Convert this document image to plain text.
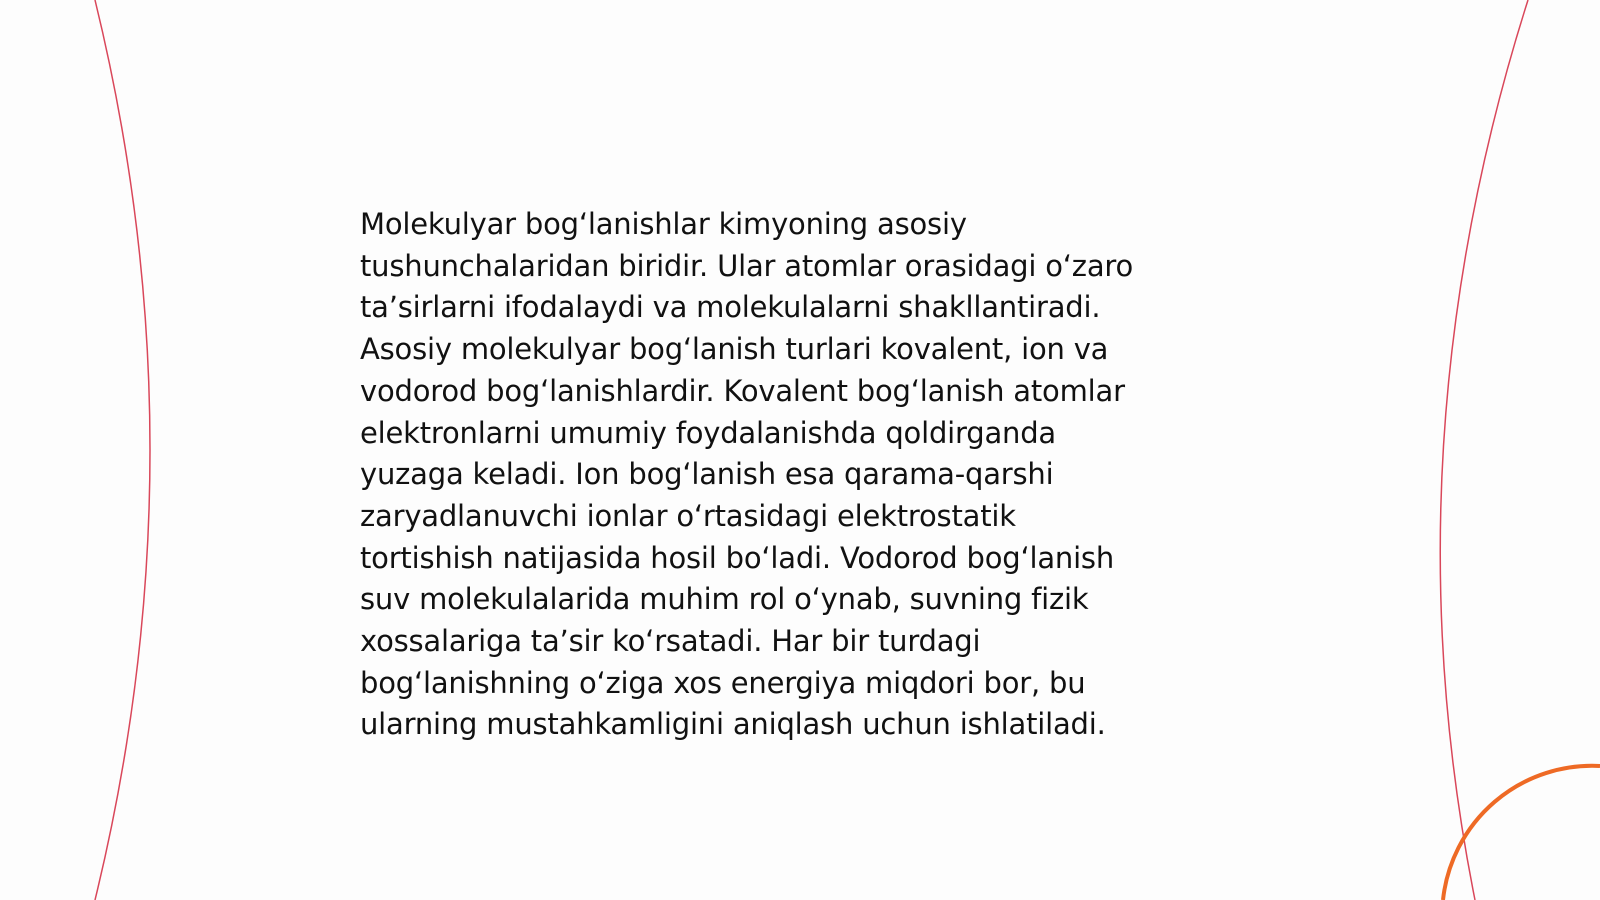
Molekulyar bog‘lanishlar kimyoning asosiy
tushunchalaridan biridir. Ular atomlar orasidagi o‘zaro
ta’sirlarni ifodalaydi va molekulalarni shakllantiradi.
Asosiy molekulyar bog‘lanish turlari kovalent, ion va
vodorod bog‘lanishlardir. Kovalent bog‘lanish atomlar
elektronlarni umumiy foydalanishda qoldirganda
yuzaga keladi. Ion bog‘lanish esa qarama-qarshi
zaryadlanuvchi ionlar o‘rtasidagi elektrostatik
tortishish natijasida hosil bo‘ladi. Vodorod bog‘lanish
suv molekulalarida muhim rol o‘ynab, suvning fizik
xossalariga ta’sir ko‘rsatadi. Har bir turdagi
bog‘lanishning o‘ziga xos energiya miqdori bor, bu
ularning mustahkamligini aniqlash uchun ishlatiladi.
